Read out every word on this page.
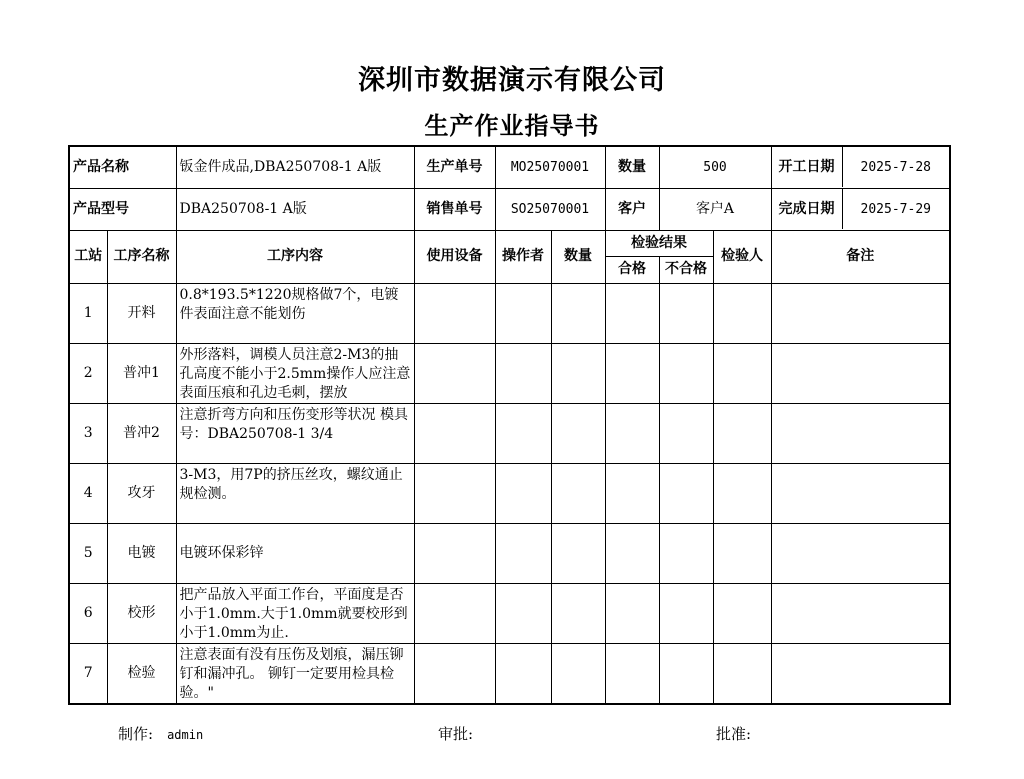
深圳市数据演示有限公司
生产作业指导书
产品名称		钣金件成品,DBA250708-1 A版	生产单号	MO25070001		数量	500		开工日期 2025-7-28

产品型号		DBA250708-1 A版	销售单号	SO25070001		客户	客户A		完成日期 2025-7-29

工站	工序名称	工序内容	使用设备	操作者	数量	检验结果		检验人	备注
						合格	不合格		
1	开料	0.8*193.5*1220规格做7个，电镀件表面注意不能划伤							
2	普冲1	外形落料，调模人员注意2-M3的抽孔高度不能小于2.5mm操作人应注意表面压痕和孔边毛刺，摆放							
3	普冲2	注意折弯方向和压伤变形等状况 模具号：DBA250708-1 3/4							
4	攻牙	3-M3，用7P的挤压丝攻，螺纹通止规检测。							
5	电镀	电镀环保彩锌							
6	校形	把产品放入平面工作台，平面度是否小于1.0mm.大于1.0mm就要校形到小于1.0mm为止.							
7	检验	注意表面有没有压伤及划痕，漏压铆钉和漏冲孔。 铆钉一定要用检具检验。"							
制作: admin	审批:	批准:
